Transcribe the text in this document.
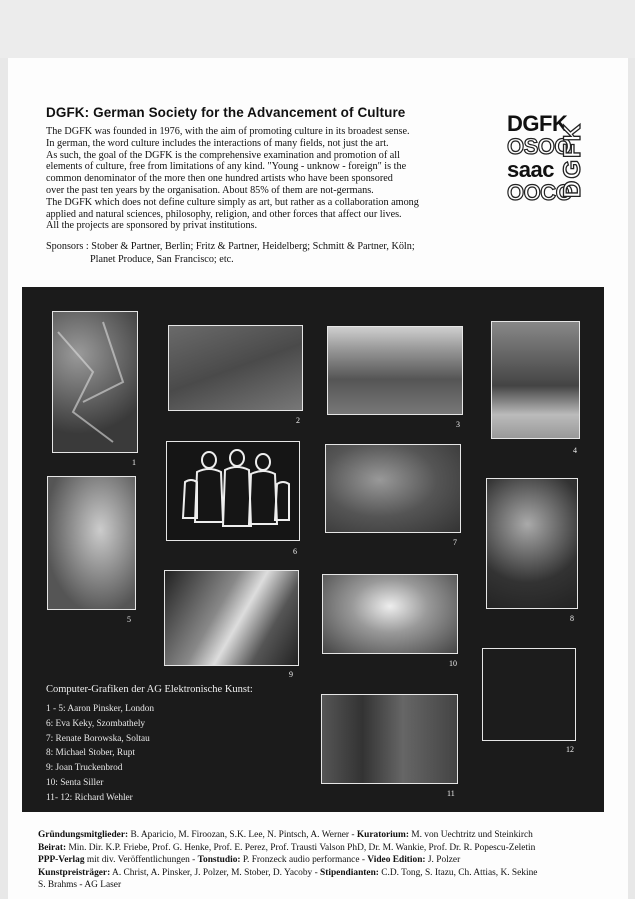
DGFK: German Society for the Advancement of Culture

The DGFK was founded in 1976, with the aim of promoting culture in its broadest sense.

In german, the word culture includes the interactions of many fields, not just the art.

As such, the goal of the DGFK is the comprehensive examination and promotion of all

elements of culture, free from limitations of any kind. "Young - unknow - foreign" is the

common denominator of the more then one hundred artists who have been sponsored

over the past ten years by the organisation. About 85% of them are not-germans.

The DGFK which does not define culture simply as art, but rather as a collaboration among

applied and natural sciences, philosophy, religion, and other forces that affect our lives.

All the projects are sponsored by privat institutions.

Sponsors : Stober & Partner, Berlin; Fritz & Partner, Heidelberg; Schmitt & Partner, Köln;
Planet Produce, San Francisco; etc.
DGFK
OSOO
saac
OOCO
DGFK
1
2	3
4
5
6
7
8
9
10
11
12
Computer-Grafiken der AG Elektronische Kunst:
1 - 5: Aaron Pinsker, London
6: Eva Keky, Szombathely
7: Renate Borowska, Soltau
8: Michael Stober, Rupt
9: Joan Truckenbrod
10: Senta Siller
11- 12: Richard Wehler
Gründungsmitglieder: B. Aparicio, M. Firoozan, S.K. Lee, N. Pintsch, A. Werner - Kuratorium: M. von Uechtritz und Steinkirch
Beirat: Min. Dir. K.P. Friebe, Prof. G. Henke, Prof. E. Perez, Prof. Trausti Valson PhD, Dr. M. Wankie, Prof. Dr. R. Popescu-Zeletin
PPP-Verlag mit div. Veröffentlichungen - Tonstudio: P. Fronzeck audio performance - Video Edition: J. Polzer
Kunstpreisträger: A. Christ, A. Pinsker, J. Polzer, M. Stober, D. Yacoby - Stipendianten: C.D. Tong, S. Itazu, Ch. Attias, K. Sekine
S. Brahms - AG Laser
